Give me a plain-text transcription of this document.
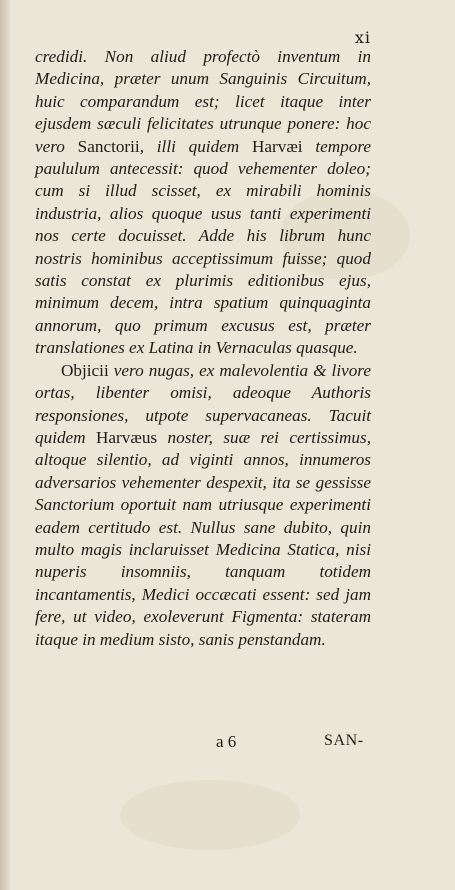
xi

credidi. Non aliud profectò inventum in Medicina, præter unum Sanguinis Circuitum, huic comparandum est; licet itaque inter ejusdem sæculi felicitates utrunque ponere: hoc vero Sanctorii, illi quidem Harvæi tempore paululum antecessit: quod vehementer doleo; cum si illud scisset, ex mirabili hominis industria, alios quoque usus tanti experimenti nos certe docuisset. Adde his librum hunc nostris hominibus acceptissimum fuisse; quod satis constat ex plurimis editionibus ejus, minimum decem, intra spatium quinquaginta annorum, quo primum excusus est, præter translationes ex Latina in Vernaculas quasque.

Objicii vero nugas, ex malevolentia & livore ortas, libenter omisi, adeoque Authoris responsiones, utpote supervacaneas. Tacuit quidem Harvæus noster, suæ rei certissimus, altoque silentio, ad viginti annos, innumeros adversarios vehementer despexit, ita se gessisse Sanctorium oportuit nam utriusque experimenti eadem certitudo est. Nullus sane dubito, quin multo magis inclaruisset Medicina Statica, nisi nuperis insomniis, tanquam totidem incantamentis, Medici occæcati essent: sed jam fere, ut video, exoleverunt Figmenta: stateram itaque in medium sisto, sanis penstandam.

a 6	SAN-
